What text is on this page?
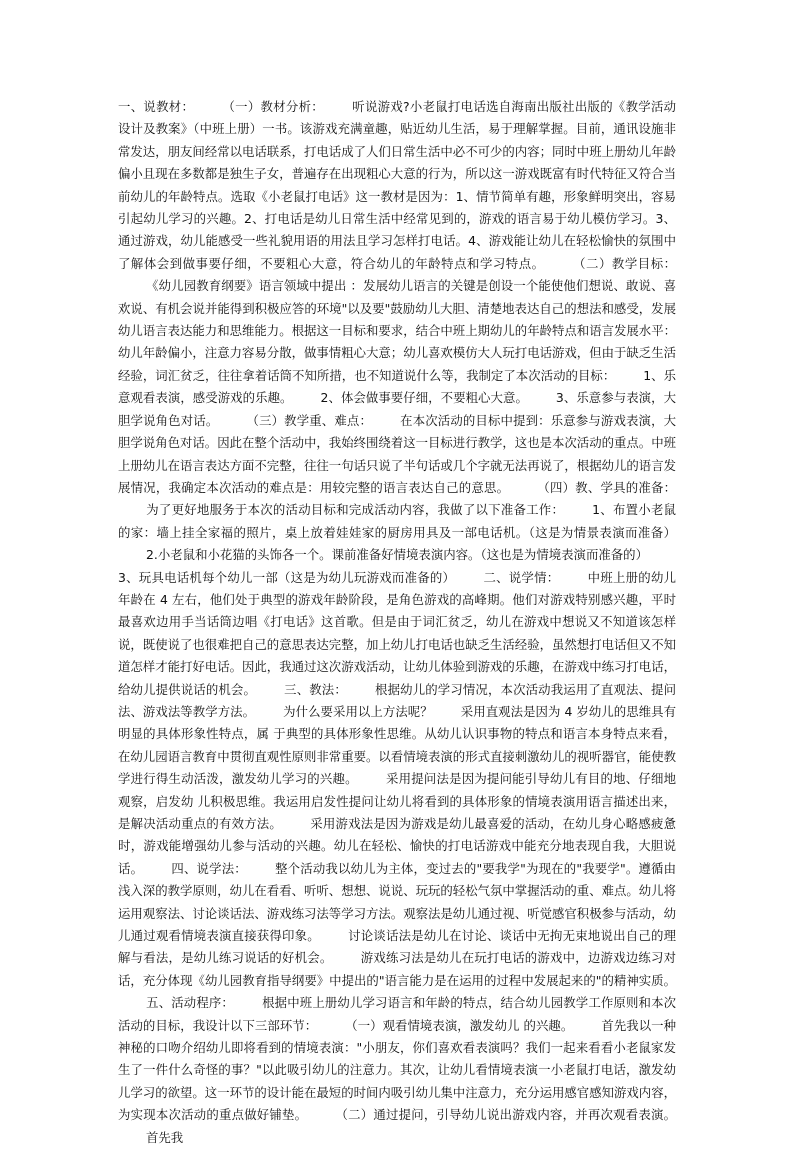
一、说教材： （一）教材分析： 听说游戏?小老鼠打电话选自海南出版社出版的《教学活动设计及教案》（中班上册）一书。该游戏充满童趣，贴近幼儿生活，易于理解掌握。目前，通讯设施非常发达，朋友间经常以电话联系，打电话成了人们日常生活中必不可少的内容；同时中班上册幼儿年龄偏小且现在多数都是独生子女，普遍存在出现粗心大意的行为，所以这一游戏既富有时代特征又符合当前幼儿的年龄特点。选取《小老鼠打电话》这一教材是因为：1、情节简单有趣，形象鲜明突出，容易引起幼儿学习的兴趣。2、打电话是幼儿日常生活中经常见到的，游戏的语言易于幼儿模仿学习。3、通过游戏，幼儿能感受一些礼貌用语的用法且学习怎样打电话。4、游戏能让幼儿在轻松愉快的氛围中了解体会到做事要仔细，不要粗心大意，符合幼儿的年龄特点和学习特点。 （二）教学目标：《幼儿园教育纲要》语言领域中提出 ：发展幼儿语言的关键是创设一个能使他们想说、敢说、喜欢说、有机会说并能得到积极应答的环境"以及要"鼓励幼儿大胆、清楚地表达自己的想法和感受，发展幼儿语言表达能力和思维能力。根据这一目标和要求，结合中班上期幼儿的年龄特点和语言发展水平：幼儿年龄偏小，注意力容易分散，做事情粗心大意；幼儿喜欢模仿大人玩打电话游戏，但由于缺乏生活经验，词汇贫乏，往往拿着话筒不知所措，也不知道说什么等，我制定了本次活动的目标： 1、乐意观看表演，感受游戏的乐趣。 2、体会做事要仔细，不要粗心大意。 3、乐意参与表演，大胆学说角色对话。 （三）教学重、难点： 在本次活动的目标中提到：乐意参与游戏表演，大胆学说角色对话。因此在整个活动中，我始终围绕着这一目标进行教学，这也是本次活动的重点。中班上册幼儿在语言表达方面不完整，往往一句话只说了半句话或几个字就无法再说了，根据幼儿的语言发展情况，我确定本次活动的难点是：用较完整的语言表达自己的意思。 （四）教、学具的准备：为了更好地服务于本次的活动目标和完成活动内容，我做了以下准备工作： 1、布置小老鼠的家：墙上挂全家福的照片，桌上放着娃娃家的厨房用具及一部电话机。（这是为情景表演而准备）2.小老鼠和小花猫的头饰各一个。课前准备好情境表演内容。（这也是为情境表演而准备的）3、玩具电话机每个幼儿一部（这是为幼儿玩游戏而准备的） 二、说学情： 中班上册的幼儿年龄在 4 左右，他们处于典型的游戏年龄阶段，是角色游戏的高峰期。他们对游戏特别感兴趣，平时最喜欢边用手当话筒边唱《打电话》这首歌。但是由于词汇贫乏，幼儿在游戏中想说又不知道该怎样说，既使说了也很难把自己的意思表达完整，加上幼儿打电话也缺乏生活经验，虽然想打电话但又不知道怎样才能打好电话。因此，我通过这次游戏活动，让幼儿体验到游戏的乐趣，在游戏中练习打电话，给幼儿提供说话的机会。 三、教法： 根据幼儿的学习情况，本次活动我运用了直观法、提问法、游戏法等教学方法。 为什么要采用以上方法呢？ 采用直观法是因为 4 岁幼儿的思维具有明显的具体形象性特点，属 于典型的具体形象性思维。从幼儿认识事物的特点和语言本身特点来看，在幼儿园语言教育中贯彻直观性原则非常重要。以看情境表演的形式直接刺激幼儿的视听器官，能使教学进行得生动活泼，激发幼儿学习的兴趣。 采用提问法是因为提问能引导幼儿有目的地、仔细地观察，启发幼 儿积极思维。我运用启发性提问让幼儿将看到的具体形象的情境表演用语言描述出来，是解决活动重点的有效方法。 采用游戏法是因为游戏是幼儿最喜爱的活动，在幼儿身心略感疲惫时，游戏能增强幼儿参与活动的兴趣。幼儿在轻松、愉快的打电话游戏中能充分地表现自我，大胆说话。 四、说学法： 整个活动我以幼儿为主体，变过去的"要我学"为现在的"我要学"。遵循由浅入深的教学原则，幼儿在看看、听听、想想、说说、玩玩的轻松气氛中掌握活动的重、难点。幼儿将运用观察法、讨论谈话法、游戏练习法等学习方法。观察法是幼儿通过视、听觉感官积极参与活动，幼儿通过观看情境表演直接获得印象。 讨论谈话法是幼儿在讨论、谈话中无拘无束地说出自己的理解与看法，是幼儿练习说话的好机会。 游戏练习法是幼儿在玩打电话的游戏中，边游戏边练习对话，充分体现《幼儿园教育指导纲要》中提出的"语言能力是在运用的过程中发展起来的"的精神实质。五、活动程序： 根据中班上册幼儿学习语言和年龄的特点，结合幼儿园教学工作原则和本次活动的目标，我设计以下三部环节： （一）观看情境表演，激发幼儿 的兴趣。 首先我以一种神秘的口吻介绍幼儿即将看到的情境表演："小朋友，你们喜欢看表演吗？我们一起来看看小老鼠家发生了一件什么奇怪的事？"以此吸引幼儿的注意力。其次，让幼儿看情境表演一小老鼠打电话，激发幼儿学习的欲望。这一环节的设计能在最短的时间内吸引幼儿集中注意力，充分运用感官感知游戏内容，为实现本次活动的重点做好铺垫。 （二）通过提问，引导幼儿说出游戏内容，并再次观看表演。首先我
